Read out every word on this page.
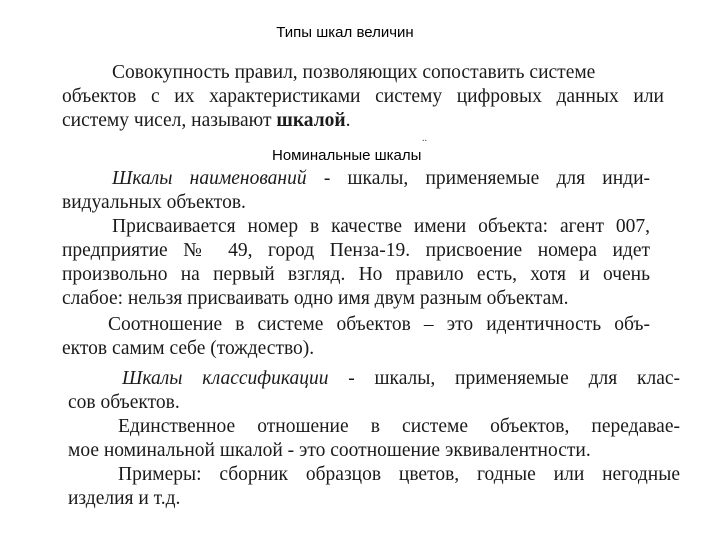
Типы шкал величин
Совокупность правил, позволяющих сопоставить системе
объектов с их характеристиками систему цифровых данных или
систему чисел, называют шкалой.
..
Номинальные шкалы
Шкалы наименований - шкалы, применяемые для инди-
видуальных объектов.
Присваивается номер в качестве имени объекта: агент 007,
предприятие № 49, город Пенза-19. присвоение номера идет
произвольно на первый взгляд. Но правило есть, хотя и очень
слабое: нельзя присваивать одно имя двум разным объектам.
Соотношение в системе объектов – это идентичность объ-
ектов самим себе (тождество).
Шкалы классификации - шкалы, применяемые для клас-
сов объектов.
Единственное отношение в системе объектов, передавае-
мое номинальной шкалой - это соотношение эквивалентности.
Примеры: сборник образцов цветов, годные или негодные
изделия и т.д.
